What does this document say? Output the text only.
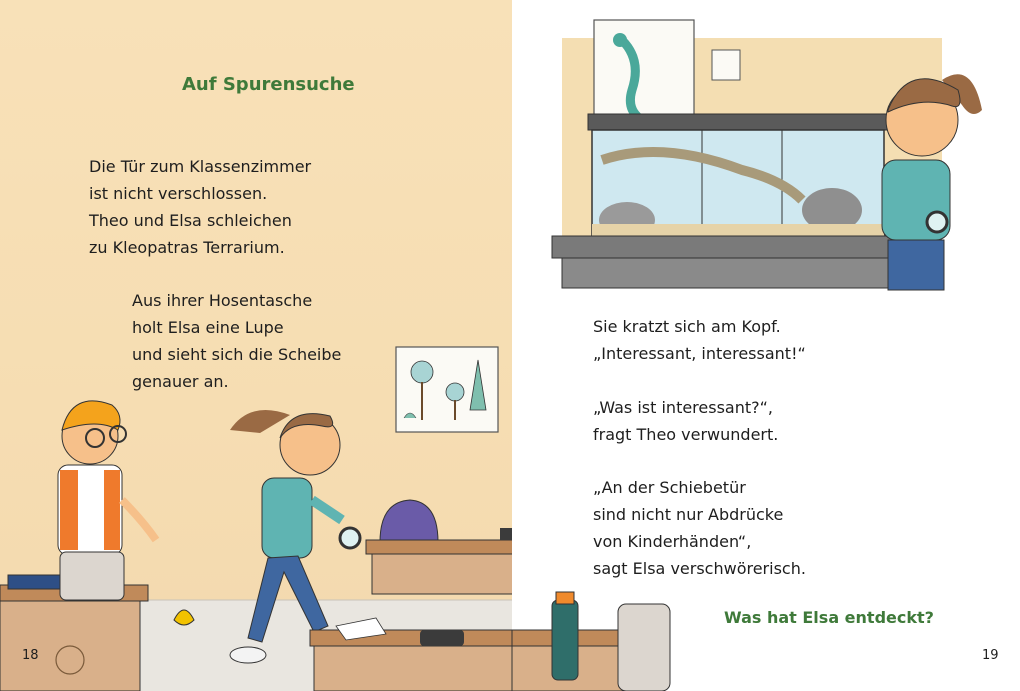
Auf Spurensuche

Die Tür zum Klassenzimmer
ist nicht verschlossen.
Theo und Elsa schleichen
zu Kleopatras Terrarium.

Aus ihrer Hosentasche
holt Elsa eine Lupe
und sieht sich die Scheibe
genauer an.

18

Sie kratzt sich am Kopf.
„Interessant, interessant!“

„Was ist interessant?“,
fragt Theo verwundert.

„An der Schiebetür
sind nicht nur Abdrücke
von Kinderhänden“,
sagt Elsa verschwörerisch.

Was hat Elsa entdeckt?
19
